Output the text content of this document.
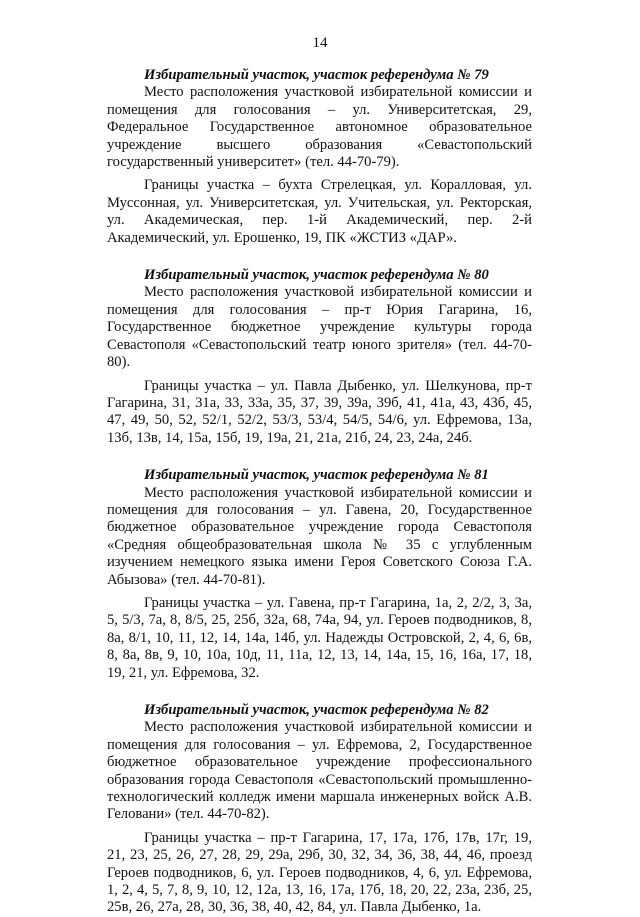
14

Избирательный участок, участок референдума № 79

Место расположения участковой избирательной комиссии и помещения для голосования – ул. Университетская, 29, Федеральное Государственное автономное образовательное учреждение высшего образования «Севастопольский государственный университет» (тел. 44-70-79).

Границы участка – бухта Стрелецкая, ул. Коралловая, ул. Муссонная, ул. Университетская, ул. Учительская, ул. Ректорская, ул. Академическая, пер. 1-й Академический, пер. 2-й Академический, ул. Ерошенко, 19, ПК «ЖСТИЗ «ДАР».

Избирательный участок, участок референдума № 80

Место расположения участковой избирательной комиссии и помещения для голосования – пр-т Юрия Гагарина, 16, Государственное бюджетное учреждение культуры города Севастополя «Севастопольский театр юного зрителя» (тел. 44-70-80).

Границы участка – ул. Павла Дыбенко, ул. Шелкунова, пр-т Гагарина, 31, 31а, 33, 33а, 35, 37, 39, 39а, 39б, 41, 41а, 43, 43б, 45, 47, 49, 50, 52, 52/1, 52/2, 53/3, 53/4, 54/5, 54/6, ул. Ефремова, 13а, 13б, 13в, 14, 15а, 15б, 19, 19а, 21, 21а, 21б, 24, 23, 24а, 24б.

Избирательный участок, участок референдума № 81

Место расположения участковой избирательной комиссии и помещения для голосования – ул. Гавена, 20, Государственное бюджетное образовательное учреждение города Севастополя «Средняя общеобразовательная школа № 35 с углубленным изучением немецкого языка имени Героя Советского Союза Г.А. Абызова» (тел. 44-70-81).

Границы участка – ул. Гавена, пр-т Гагарина, 1а, 2, 2/2, 3, 3а, 5, 5/3, 7а, 8, 8/5, 25, 25б, 32а, 68, 74а, 94, ул. Героев подводников, 8, 8а, 8/1, 10, 11, 12, 14, 14а, 14б, ул. Надежды Островской, 2, 4, 6, 6в, 8, 8а, 8в, 9, 10, 10а, 10д, 11, 11а, 12, 13, 14, 14а, 15, 16, 16а, 17, 18, 19, 21, ул. Ефремова, 32.

Избирательный участок, участок референдума № 82

Место расположения участковой избирательной комиссии и помещения для голосования – ул. Ефремова, 2, Государственное бюджетное образовательное учреждение профессионального образования города Севастополя «Севастопольский промышленно-технологический колледж имени маршала инженерных войск А.В. Геловани» (тел. 44-70-82).

Границы участка – пр-т Гагарина, 17, 17а, 17б, 17в, 17г, 19, 21, 23, 25, 26, 27, 28, 29, 29а, 29б, 30, 32, 34, 36, 38, 44, 46, проезд Героев подводников, 6, ул. Героев подводников, 4, 6, ул. Ефремова, 1, 2, 4, 5, 7, 8, 9, 10, 12, 12а, 13, 16, 17а, 17б, 18, 20, 22, 23а, 23б, 25, 25в, 26, 27а, 28, 30, 36, 38, 40, 42, 84, ул. Павла Дыбенко, 1а.
